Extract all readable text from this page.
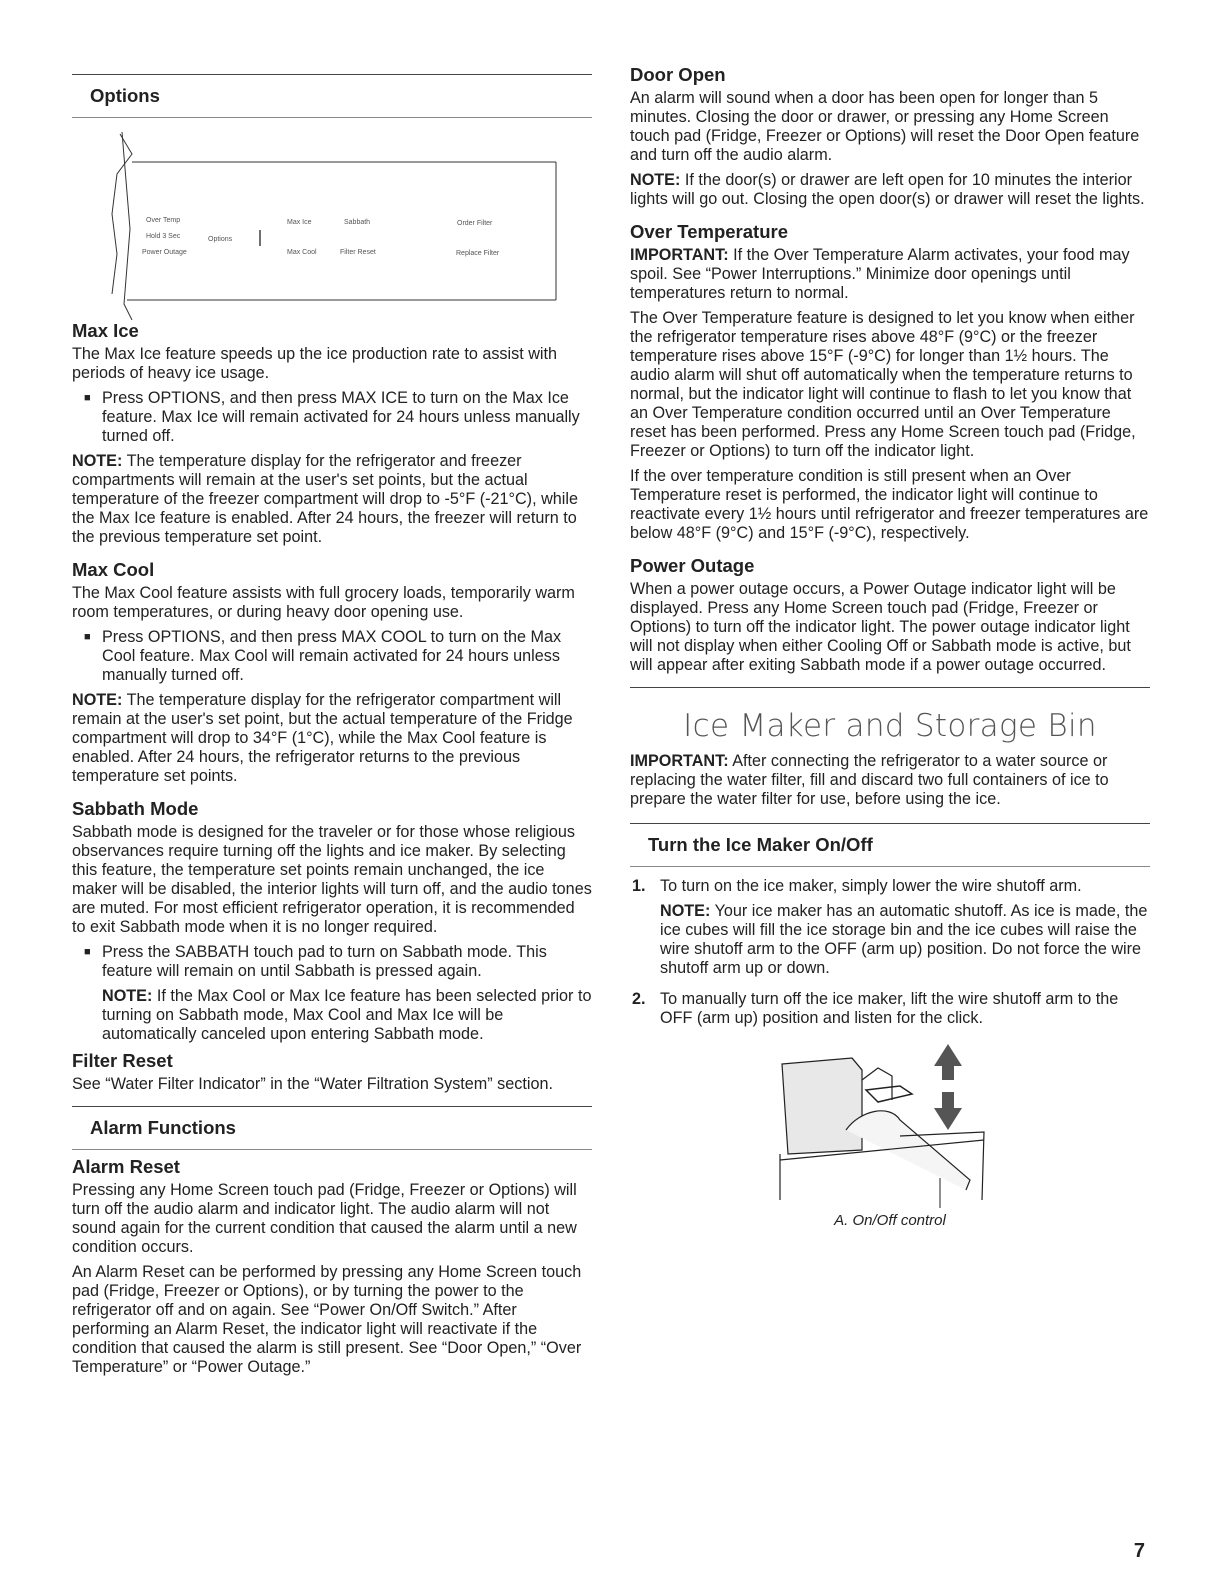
Options
Over Temp
Hold 3 Sec
Power Outage
Options
Max Ice	Sabbath	Order Filter
Max Cool	Filter Reset	Replace Filter
Max Ice

The Max Ice feature speeds up the ice production rate to assist with periods of heavy ice usage.

■ Press OPTIONS, and then press MAX ICE to turn on the Max Ice feature. Max Ice will remain activated for 24 hours unless manually turned off.

NOTE: The temperature display for the refrigerator and freezer compartments will remain at the user's set points, but the actual temperature of the freezer compartment will drop to -5°F (-21°C), while the Max Ice feature is enabled. After 24 hours, the freezer will return to the previous temperature set point.

Max Cool

The Max Cool feature assists with full grocery loads, temporarily warm room temperatures, or during heavy door opening use.

■ Press OPTIONS, and then press MAX COOL to turn on the Max Cool feature. Max Cool will remain activated for 24 hours unless manually turned off.

NOTE: The temperature display for the refrigerator compartment will remain at the user's set point, but the actual temperature of the Fridge compartment will drop to 34°F (1°C), while the Max Cool feature is enabled. After 24 hours, the refrigerator returns to the previous temperature set points.

Sabbath Mode

Sabbath mode is designed for the traveler or for those whose religious observances require turning off the lights and ice maker. By selecting this feature, the temperature set points remain unchanged, the ice maker will be disabled, the interior lights will turn off, and the audio tones are muted. For most efficient refrigerator operation, it is recommended to exit Sabbath mode when it is no longer required.

■ Press the SABBATH touch pad to turn on Sabbath mode. This feature will remain on until Sabbath is pressed again.

NOTE: If the Max Cool or Max Ice feature has been selected prior to turning on Sabbath mode, Max Cool and Max Ice will be automatically canceled upon entering Sabbath mode.

Filter Reset

See “Water Filter Indicator” in the “Water Filtration System” section.

Alarm Functions
Alarm Reset

Pressing any Home Screen touch pad (Fridge, Freezer or Options) will turn off the audio alarm and indicator light. The audio alarm will not sound again for the current condition that caused the alarm until a new condition occurs.

An Alarm Reset can be performed by pressing any Home Screen touch pad (Fridge, Freezer or Options), or by turning the power to the refrigerator off and on again. See “Power On/Off Switch.” After performing an Alarm Reset, the indicator light will reactivate if the condition that caused the alarm is still present. See “Door Open,” “Over Temperature” or “Power Outage.”

Door Open

An alarm will sound when a door has been open for longer than 5 minutes. Closing the door or drawer, or pressing any Home Screen touch pad (Fridge, Freezer or Options) will reset the Door Open feature and turn off the audio alarm.

NOTE: If the door(s) or drawer are left open for 10 minutes the interior lights will go out. Closing the open door(s) or drawer will reset the lights.

Over Temperature

IMPORTANT: If the Over Temperature Alarm activates, your food may spoil. See “Power Interruptions.” Minimize door openings until temperatures return to normal.

The Over Temperature feature is designed to let you know when either the refrigerator temperature rises above 48°F (9°C) or the freezer temperature rises above 15°F (-9°C) for longer than 1½ hours. The audio alarm will shut off automatically when the temperature returns to normal, but the indicator light will continue to flash to let you know that an Over Temperature condition occurred until an Over Temperature reset has been performed. Press any Home Screen touch pad (Fridge, Freezer or Options) to turn off the indicator light.

If the over temperature condition is still present when an Over Temperature reset is performed, the indicator light will continue to reactivate every 1½ hours until refrigerator and freezer temperatures are below 48°F (9°C) and 15°F (-9°C), respectively.

Power Outage

When a power outage occurs, a Power Outage indicator light will be displayed. Press any Home Screen touch pad (Fridge, Freezer or Options) to turn off the indicator light. The power outage indicator light will not display when either Cooling Off or Sabbath mode is active, but will appear after exiting Sabbath mode if a power outage occurred.

Ice Maker and Storage Bin

IMPORTANT: After connecting the refrigerator to a water source or replacing the water filter, fill and discard two full containers of ice to prepare the water filter for use, before using the ice.

Turn the Ice Maker On/Off
1. To turn on the ice maker, simply lower the wire shutoff arm.

NOTE: Your ice maker has an automatic shutoff. As ice is made, the ice cubes will fill the ice storage bin and the ice cubes will raise the wire shutoff arm to the OFF (arm up) position. Do not force the wire shutoff arm up or down.

2. To manually turn off the ice maker, lift the wire shutoff arm to the OFF (arm up) position and listen for the click.

A. On/Off control
7
